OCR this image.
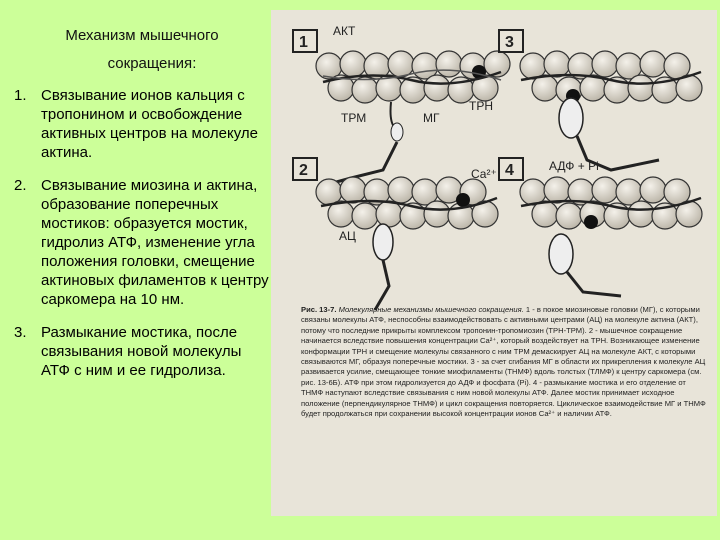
Механизм мышечного
сокращения:
1. Связывание ионов кальция с тропонином и освобождение активных центров на молекуле актина.
2. Связывание миозина и актина, образование поперечных мостиков: образуется мостик, гидролиз АТФ, изменение угла положения головки, смещение актиновых филаментов к центру саркомера на 10 нм.
3. Размыкание мостика, после связывания новой молекулы АТФ с ним и ее гидролиза.
1
АКТ
ТРМ	МГ
ТРН
3
АДФ + Pi
2
АЦ
Са²⁺ 4
Рис. 13-7. Молекулярные механизмы мышечного сокращения. 1 - в покое миозиновые головки (МГ), с которыми связаны молекулы АТФ, неспособны взаимодействовать с активными центрами (АЦ) на молекуле актина (АКТ), потому что последние прикрыты комплексом тропонин-тропомиозин (ТРН-ТРМ). 2 - мышечное сокращение начинается вследствие повышения концентрации Са²⁺, который воздействует на ТРН. Возникающее изменение конформации ТРН и смещение молекулы связанного с ним ТРМ демаскирует АЦ на молекуле АКТ, с которыми связываются МГ, образуя поперечные мостики. 3 - за счет сгибания МГ в области их прикрепления к молекуле АЦ развивается усилие, смещающее тонкие миофиламенты (ТНМФ) вдоль толстых (ТЛМФ) к центру саркомера (см. рис. 13-6Б). АТФ при этом гидролизуется до АДФ и фосфата (Pi). 4 - размыкание мостика и его отделение от ТНМФ наступают вследствие связывания с ним новой молекулы АТФ. Далее мостик принимает исходное положение (перпендикулярное ТНМФ) и цикл сокращения повторяется. Циклическое взаимодействие МГ и ТНМФ будет продолжаться при сохранении высокой концентрации ионов Са²⁺ и наличии АТФ.
